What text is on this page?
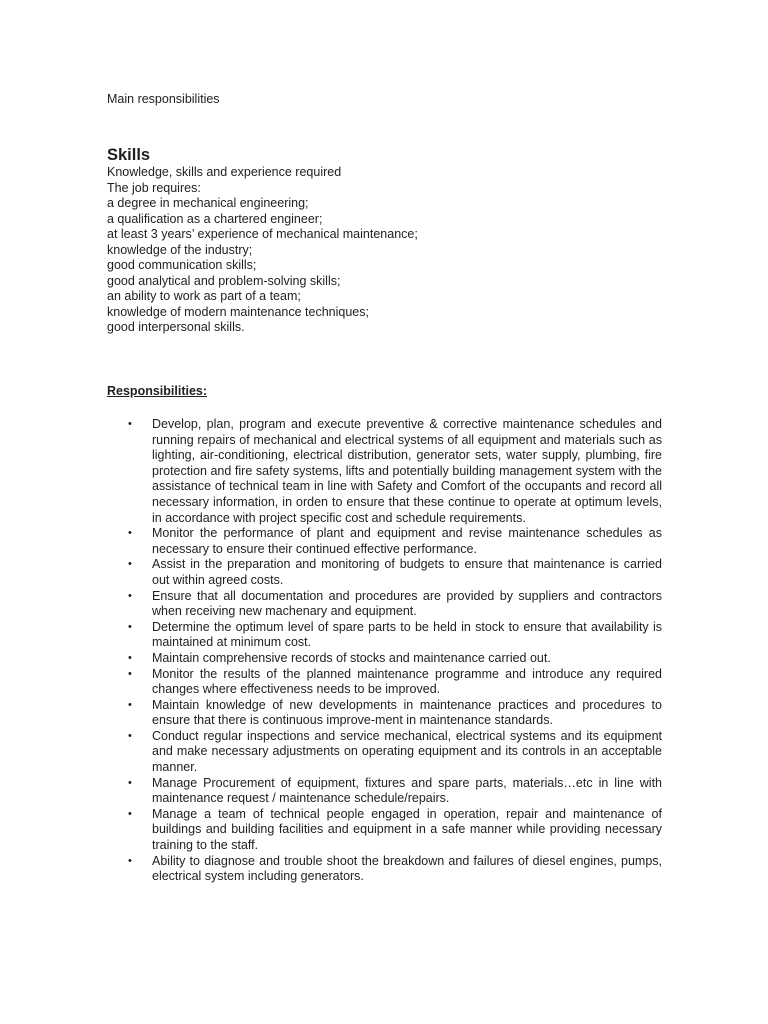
Main responsibilities
Skills
Knowledge, skills and experience required
The job requires:
a degree in mechanical engineering;
a qualification as a chartered engineer;
at least 3 years’ experience of mechanical maintenance;
knowledge of the industry;
good communication skills;
good analytical and problem-solving skills;
an ability to work as part of a team;
knowledge of modern maintenance techniques;
good interpersonal skills.
Responsibilities:
• Develop, plan, program and execute preventive & corrective maintenance schedules and running repairs of mechanical and electrical systems of all equipment and materials such as lighting, air-conditioning, electrical distribution, generator sets, water supply, plumbing, fire protection and fire safety systems, lifts and potentially building management system with the assistance of technical team in line with Safety and Comfort of the occupants and record all necessary information, in orden to ensure that these continue to operate at optimum levels, in accordance with project specific cost and schedule requirements.
• Monitor the performance of plant and equipment and revise maintenance schedules as necessary to ensure their continued effective performance.
• Assist in the preparation and monitoring of budgets to ensure that maintenance is carried out within agreed costs.
• Ensure that all documentation and procedures are provided by suppliers and contractors when receiving new machenary and equipment.
• Determine the optimum level of spare parts to be held in stock to ensure that availability is maintained at minimum cost.
• Maintain comprehensive records of stocks and maintenance carried out.
• Monitor the results of the planned maintenance programme and introduce any required changes where effectiveness needs to be improved.
• Maintain knowledge of new developments in maintenance practices and procedures to ensure that there is continuous improve-ment in maintenance standards.
• Conduct regular inspections and service mechanical, electrical systems and its equipment and make necessary adjustments on operating equipment and its controls in an acceptable manner.
• Manage Procurement of equipment, fixtures and spare parts, materials…etc in line with maintenance request / maintenance schedule/repairs.
• Manage a team of technical people engaged in operation, repair and maintenance of buildings and building facilities and equipment in a safe manner while providing necessary training to the staff.
• Ability to diagnose and trouble shoot the breakdown and failures of diesel engines, pumps, electrical system including generators.
